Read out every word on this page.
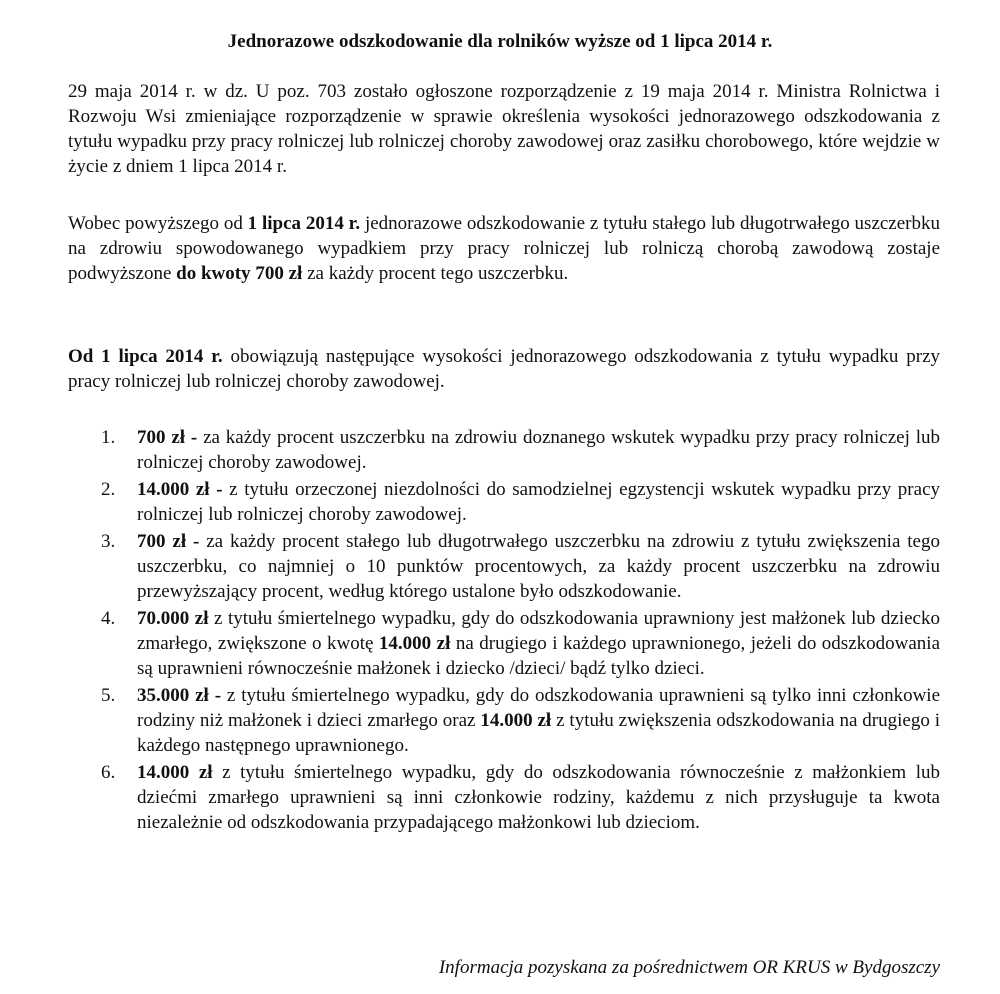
Jednorazowe odszkodowanie dla rolników wyższe od 1 lipca 2014 r.

29 maja 2014 r. w dz. U poz. 703 zostało ogłoszone rozporządzenie z 19 maja 2014 r. Ministra Rolnictwa i Rozwoju Wsi zmieniające rozporządzenie w sprawie określenia wysokości jednorazowego odszkodowania z tytułu wypadku przy pracy rolniczej lub rolniczej choroby zawodowej oraz zasiłku chorobowego, które wejdzie w życie z dniem 1 lipca 2014 r.

Wobec powyższego od 1 lipca 2014 r. jednorazowe odszkodowanie z tytułu stałego lub długotrwałego uszczerbku na zdrowiu spowodowanego wypadkiem przy pracy rolniczej lub rolniczą chorobą zawodową zostaje podwyższone do kwoty 700 zł za każdy procent tego uszczerbku.

Od 1 lipca 2014 r. obowiązują następujące wysokości jednorazowego odszkodowania z tytułu wypadku przy pracy rolniczej lub rolniczej choroby zawodowej.

1. 700 zł - za każdy procent uszczerbku na zdrowiu doznanego wskutek wypadku przy pracy rolniczej lub rolniczej choroby zawodowej.
2. 14.000 zł - z tytułu orzeczonej niezdolności do samodzielnej egzystencji wskutek wypadku przy pracy rolniczej lub rolniczej choroby zawodowej.
3. 700 zł - za każdy procent stałego lub długotrwałego uszczerbku na zdrowiu z tytułu zwiększenia tego uszczerbku, co najmniej o 10 punktów procentowych, za każdy procent uszczerbku na zdrowiu przewyższający procent, według którego ustalone było odszkodowanie.
4. 70.000 zł z tytułu śmiertelnego wypadku, gdy do odszkodowania uprawniony jest małżonek lub dziecko zmarłego, zwiększone o kwotę 14.000 zł na drugiego i każdego uprawnionego, jeżeli do odszkodowania są uprawnieni równocześnie małżonek i dziecko /dzieci/ bądź tylko dzieci.
5. 35.000 zł - z tytułu śmiertelnego wypadku, gdy do odszkodowania uprawnieni są tylko inni członkowie rodziny niż małżonek i dzieci zmarłego oraz 14.000 zł z tytułu zwiększenia odszkodowania na drugiego i każdego następnego uprawnionego.
6. 14.000 zł z tytułu śmiertelnego wypadku, gdy do odszkodowania równocześnie z małżonkiem lub dziećmi zmarłego uprawnieni są inni członkowie rodziny, każdemu z nich przysługuje ta kwota niezależnie od odszkodowania przypadającego małżonkowi lub dzieciom.
Informacja pozyskana za pośrednictwem OR KRUS w Bydgoszczy
